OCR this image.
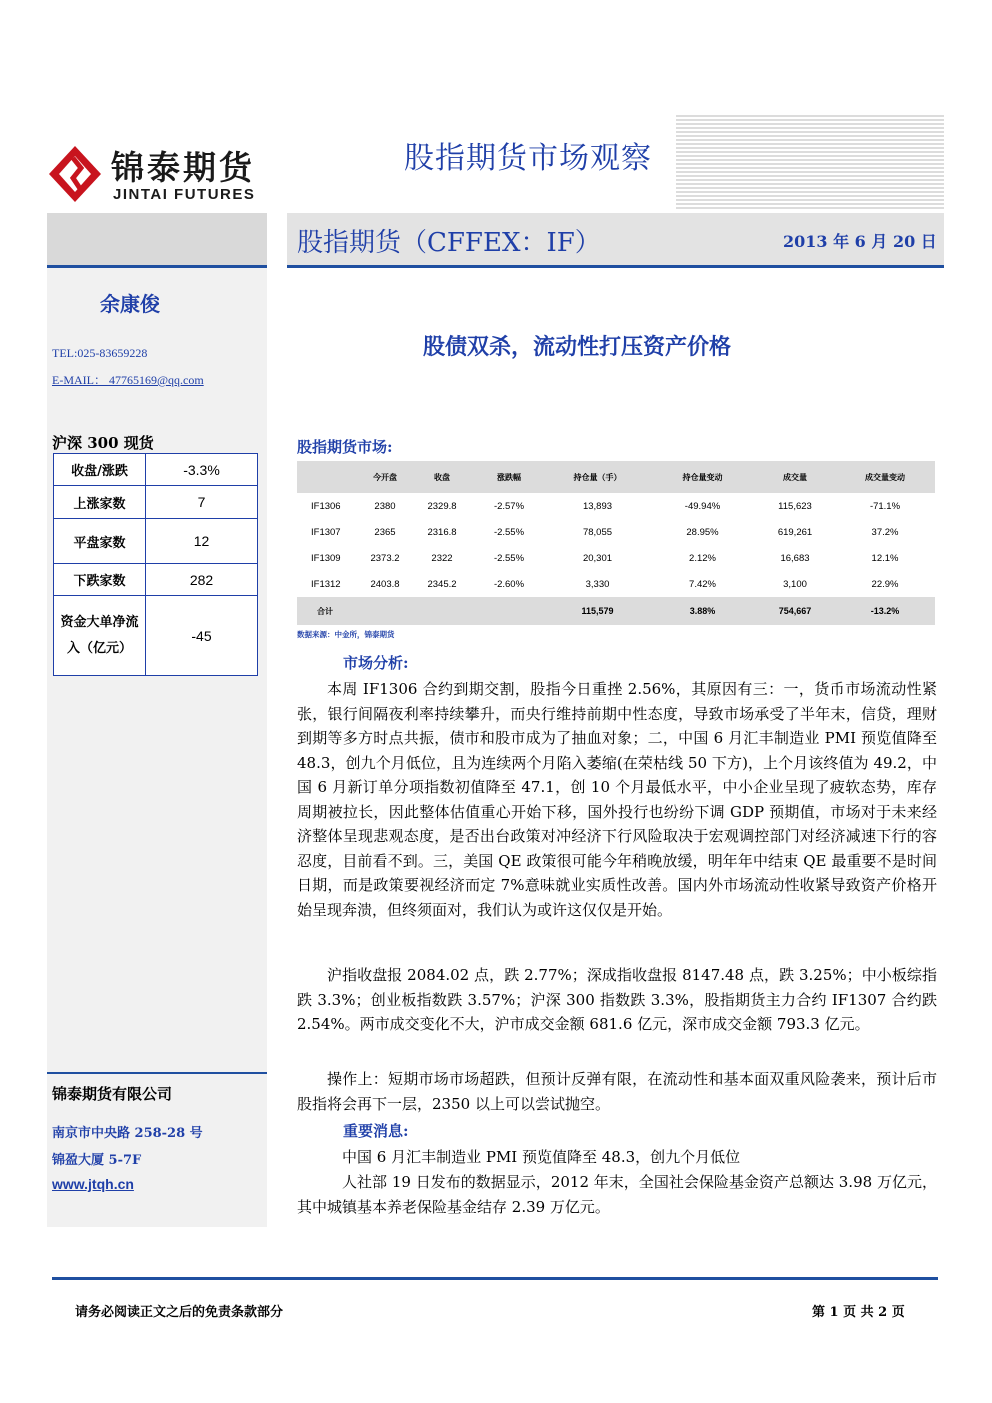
锦泰期货
JINTAI FUTURES
股指期货市场观察
股指期货（CFFEX：IF）	2013 年 6 月 20 日
余康俊
TEL:025-83659228
E-MAIL： 47765169@qq.com
沪深 300 现货
收盘/涨跌	-3.3%
上涨家数	7
平盘家数	12
下跌家数	282
资金大单净流入（亿元）	-45
锦泰期货有限公司
南京市中央路 258-28 号
锦盈大厦 5-7F
www.jtqh.cn
股债双杀，流动性打压资产价格
股指期货市场:
	今开盘	收盘	涨跌幅	持仓量（手）	持仓量变动	成交量	成交量变动
IF1306	2380	2329.8	-2.57%	13,893	-49.94%	115,623	-71.1%
IF1307	2365	2316.8	-2.55%	78,055	28.95%	619,261	37.2%
IF1309	2373.2	2322	-2.55%	20,301	2.12%	16,683	12.1%
IF1312	2403.8	2345.2	-2.60%	3,330	7.42%	3,100	22.9%
合计				115,579	3.88%	754,667	-13.2%
数据来源：中金所，锦泰期货
市场分析:

本周 IF1306 合约到期交割，股指今日重挫 2.56%，其原因有三：一，货币市场流动性紧张，银行间隔夜利率持续攀升，而央行维持前期中性态度，导致市场承受了半年末，信贷，理财到期等多方时点共振，债市和股市成为了抽血对象；二，中国 6 月汇丰制造业 PMI 预览值降至 48.3，创九个月低位，且为连续两个月陷入萎缩(在荣枯线 50 下方)，上个月该终值为 49.2，中国 6 月新订单分项指数初值降至 47.1，创 10 个月最低水平，中小企业呈现了疲软态势，库存周期被拉长，因此整体估值重心开始下移，国外投行也纷纷下调 GDP 预期值，市场对于未来经济整体呈现悲观态度，是否出台政策对冲经济下行风险取决于宏观调控部门对经济减速下行的容忍度，目前看不到。三，美国 QE 政策很可能今年稍晚放缓，明年年中结束 QE 最重要不是时间日期，而是政策要视经济而定 7%意味就业实质性改善。国内外市场流动性收紧导致资产价格开始呈现奔溃，但终须面对，我们认为或许这仅仅是开始。

沪指收盘报 2084.02 点，跌 2.77%；深成指收盘报 8147.48 点，跌 3.25%；中小板综指跌 3.3%；创业板指数跌 3.57%；沪深 300 指数跌 3.3%，股指期货主力合约 IF1307 合约跌 2.54%。两市成交变化不大，沪市成交金额 681.6 亿元，深市成交金额 793.3 亿元。

操作上：短期市场市场超跌，但预计反弹有限，在流动性和基本面双重风险袭来，预计后市股指将会再下一层，2350 以上可以尝试抛空。

重要消息:

中国 6 月汇丰制造业 PMI 预览值降至 48.3，创九个月低位

人社部 19 日发布的数据显示，2012 年末，全国社会保险基金资产总额达 3.98 万亿元，其中城镇基本养老保险基金结存 2.39 万亿元。

请务必阅读正文之后的免责条款部分	第 1 页 共 2 页
